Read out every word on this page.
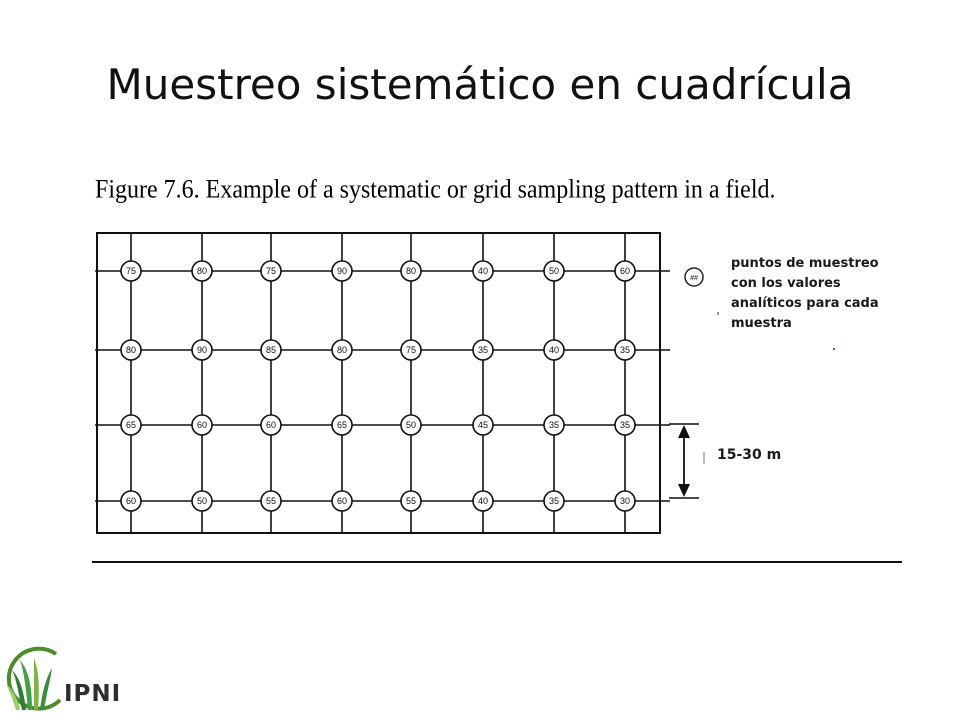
Muestreo sistemático en cuadrícula
Figure 7.6. Example of a systematic or grid sampling pattern in a field.
75	80	75	90	80	40	50	60
80	90	85	80	75	35	40	35
65	60	60	65	50	45	35	35
60	50	55	60	55	40	35	30
##
puntos de muestreo con los valores analíticos para cada muestra
15-30 m
IPNI
